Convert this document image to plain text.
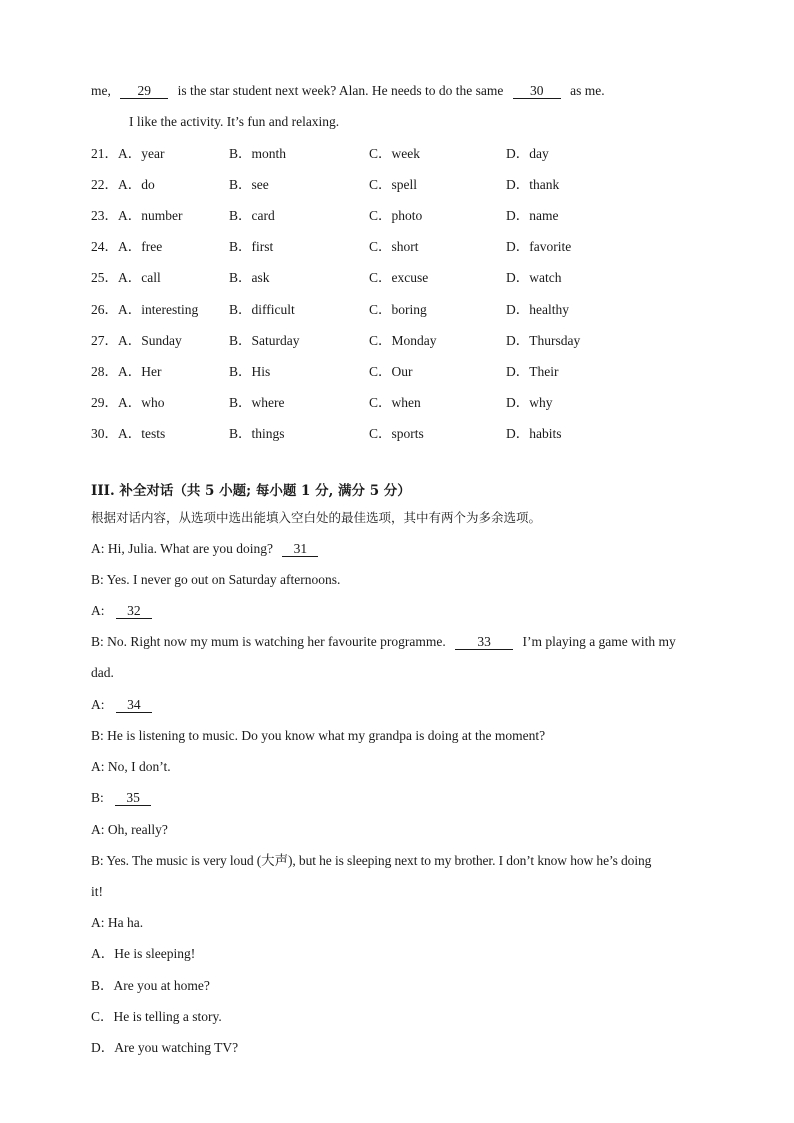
me, 29 is the star student next week? Alan. He needs to do the same 30 as me.
I like the activity. It’s fun and relaxing.
21．A．year	B．month	C．week	D．day
22．A．do	B．see	C．spell	D．thank
23．A．number	B．card	C．photo	D．name
24．A．free	B．first	C．short	D．favorite
25．A．call	B．ask	C．excuse	D．watch
26．A．interesting B．difficult	C．boring	D．healthy
27．A．Sunday	B．Saturday	C．Monday	D．Thursday
28．A．Her	B．His	C．Our	D．Their
29．A．who	B．where	C．when	D．why
30．A．tests	B．things	C．sports	D．habits
III. 补全对话（共 5 小题; 每小题 1 分, 满分 5 分）
根据对话内容，从选项中选出能填入空白处的最佳选项，其中有两个为多余选项。
A: Hi, Julia. What are you doing? 31
B: Yes. I never go out on Saturday afternoons.
A: 32
B: No. Right now my mum is watching her favourite programme. 33 I’m playing a game with my
dad.
A: 34
B: He is listening to music. Do you know what my grandpa is doing at the moment?
A: No, I don’t.
B: 35
A: Oh, really?
B: Yes. The music is very loud (大声), but he is sleeping next to my brother. I don’t know how he’s doing
it!
A: Ha ha.
A．He is sleeping!
B．Are you at home?
C．He is telling a story.
D．Are you watching TV?
